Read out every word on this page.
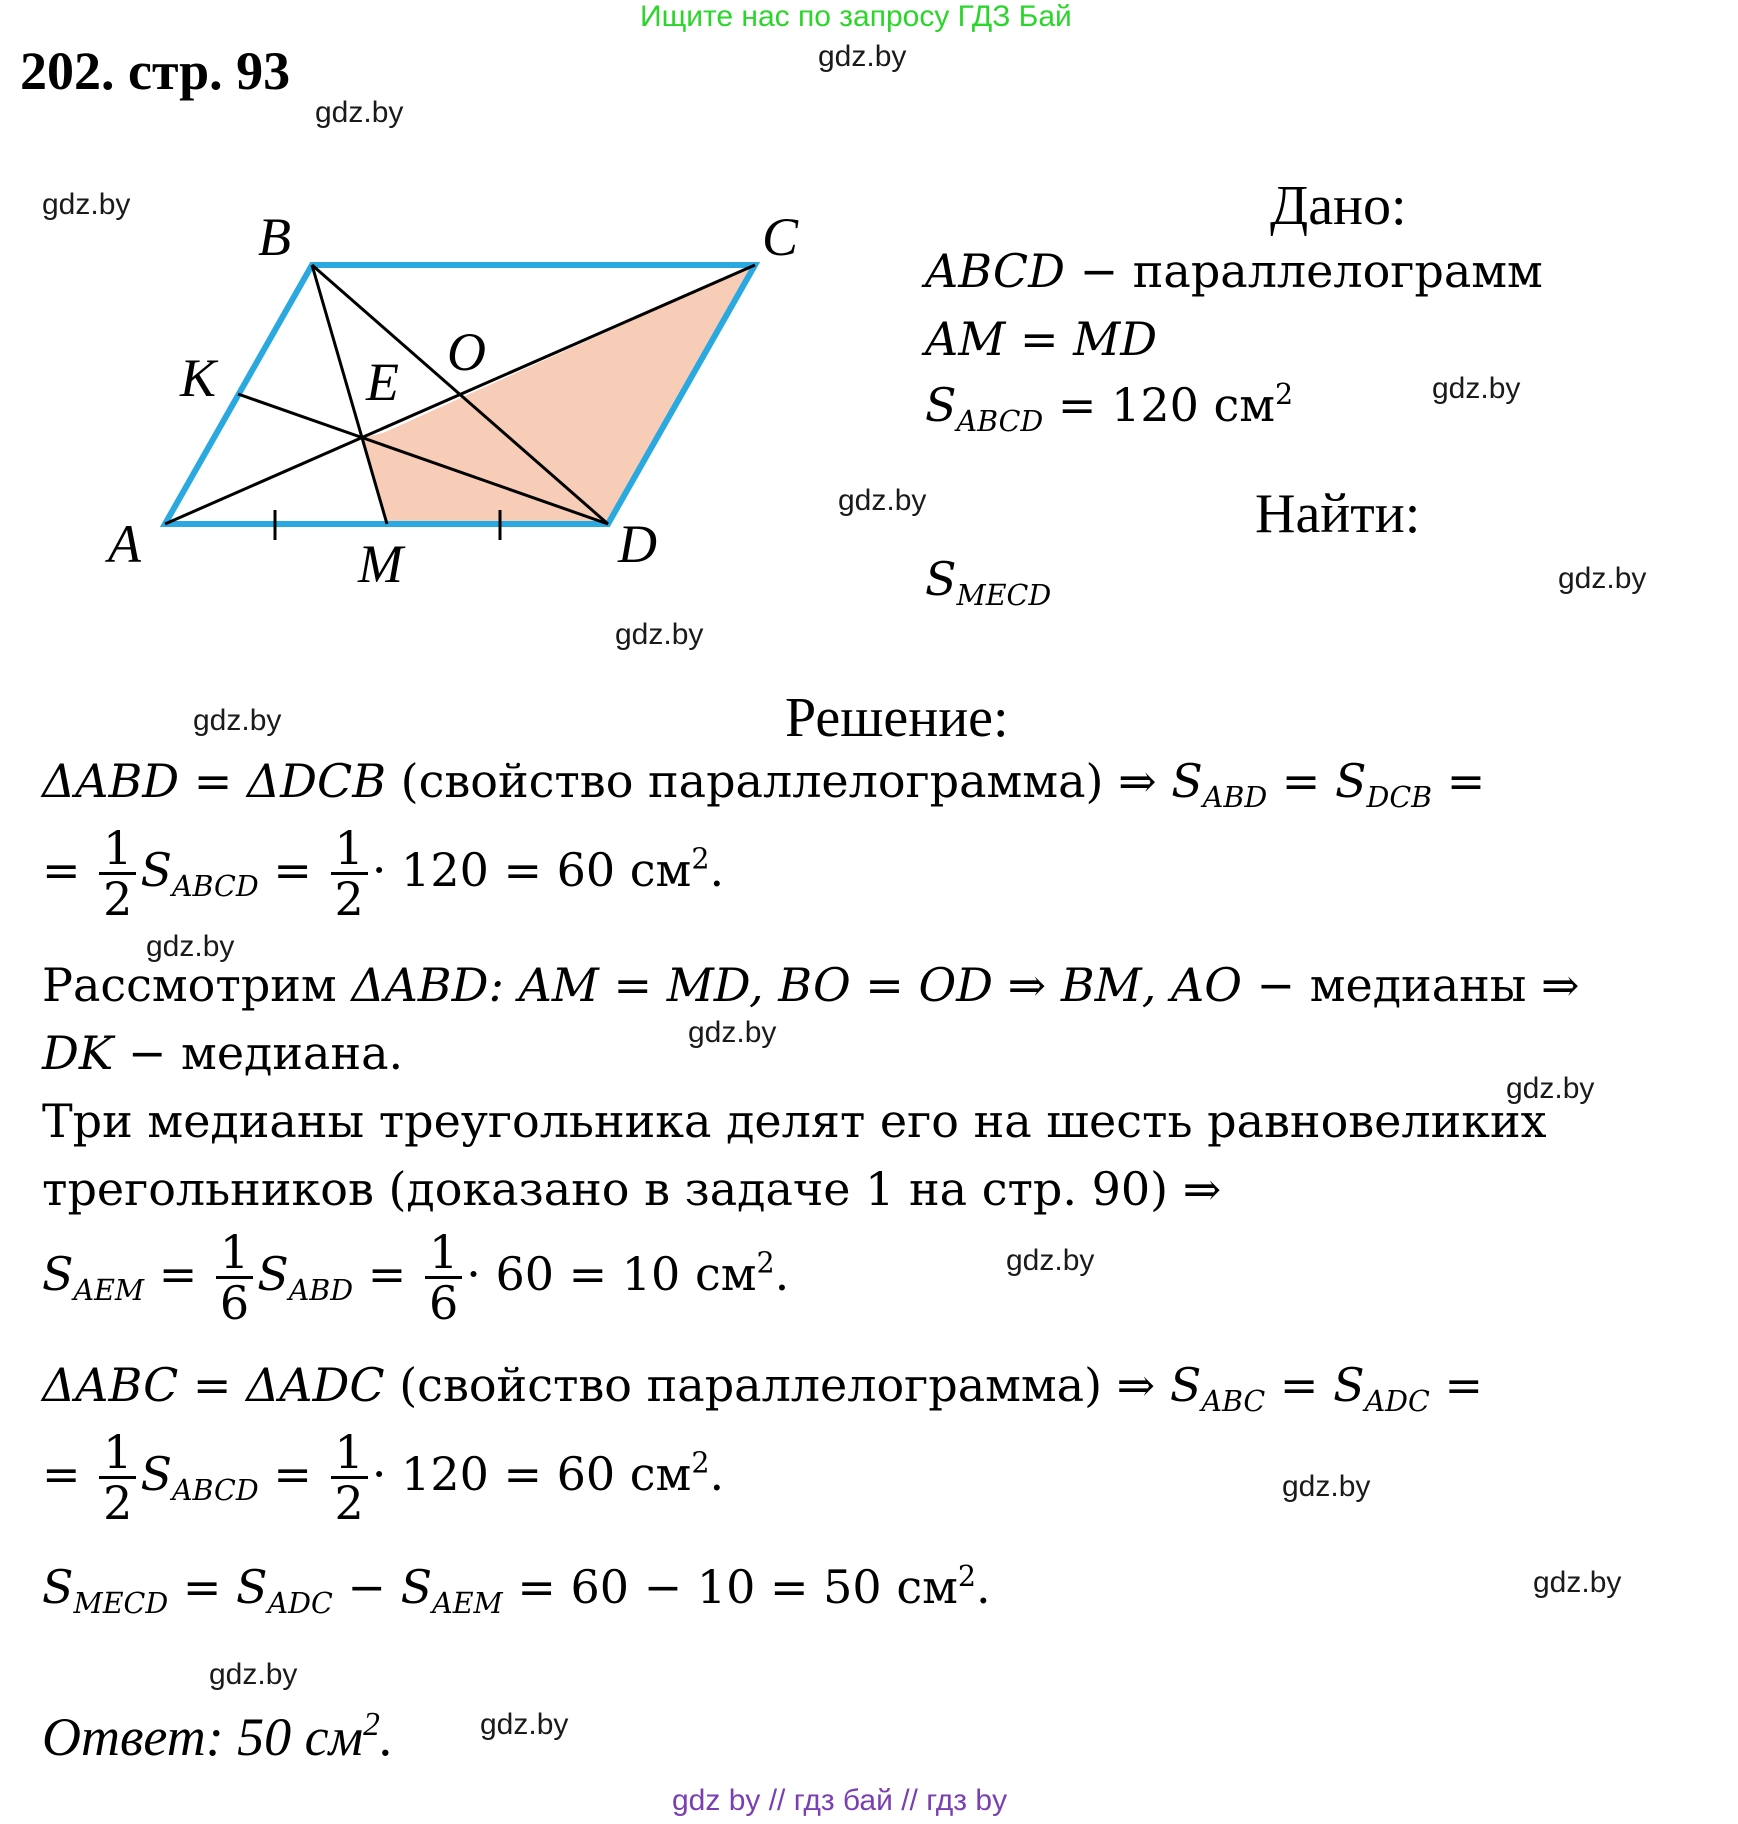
Ищите нас по запросу ГДЗ Бай
202. стр. 93	gdz.by
gdz.by
gdz.by
gdz.by
gdz.by
gdz.by
gdz.by
gdz.by
gdz.by
gdz.by
gdz.by
gdz.by
gdz.by
gdz.by
gdz.by
gdz.by
A
B	C
D
K	E O
M
Дано:
ABCD − параллелограмм
AM = MD
$S_{ABCD} = 120$ $см^2$
Найти:
$S_{MECD}$
Решение:
ΔABD = ΔDCB (свойство параллелограмма) ⇒ $S_{ABD} = S_{DCB}$ =
= $\frac{1}{2} S_{ABCD} = \frac{1}{2} \cdot 120 = 60$ $см^2$.
Рассмотрим ΔABD: AM = MD, BO = OD ⇒ BM, AO − медианы ⇒
DK − медиана.
Три медианы треугольника делят его на шесть равновеликих
трегольников (доказано в задаче 1 на стр. 90) ⇒
$S_{AEM} = \frac{1}{6} S_{ABD} = \frac{1}{6} \cdot 60 = 10$ $см^2$.
ΔABC = ΔADC (свойство параллелограмма) ⇒ $S_{ABC} = S_{ADC}$ =
= $\frac{1}{2} S_{ABCD} = \frac{1}{2} \cdot 120 = 60$ $см^2$.
$S_{MECD} = S_{ADC} - S_{AEM} = 60 - 10 = 50$ $см^2$.
Ответ: 50 $см^2$.
gdz by // гдз бай // гдз by
